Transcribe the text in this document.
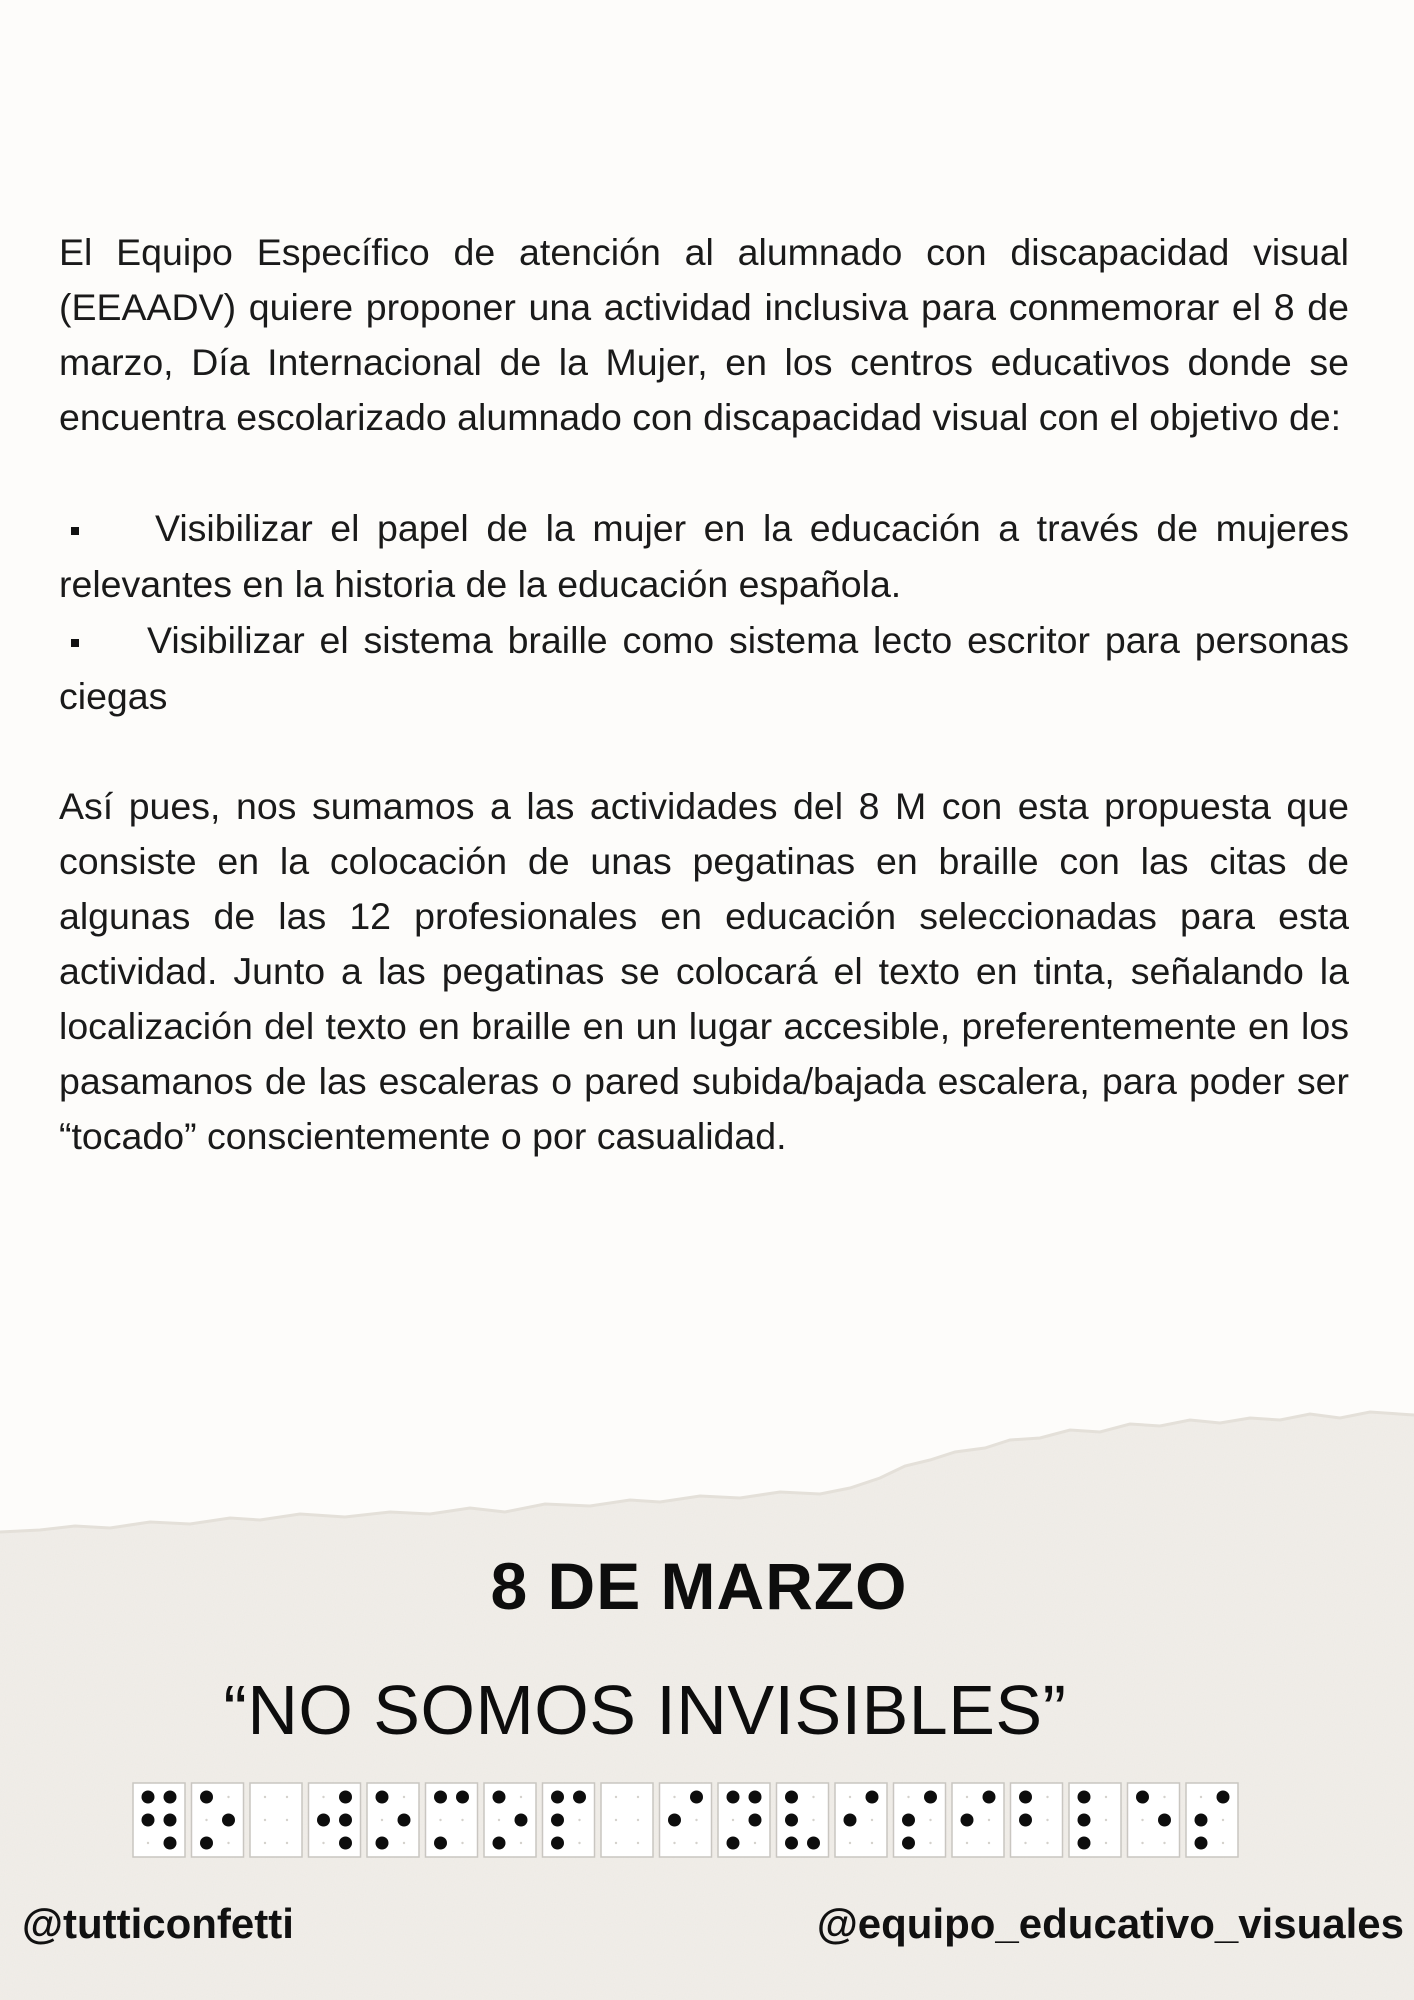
El Equipo Específico de atención al alumnado con discapacidad visual (EEAADV) quiere proponer una actividad inclusiva para conmemorar el 8 de marzo, Día Internacional de la Mujer, en los centros educativos donde se encuentra escolarizado alumnado con discapacidad visual con el objetivo de:

Visibilizar el papel de la mujer en la educación a través de mujeres relevantes en la historia de la educación española.

Visibilizar el sistema braille como sistema lecto escritor para personas ciegas

Así pues, nos sumamos a las actividades del 8 M con esta propuesta que consiste en la colocación de unas pegatinas en braille con las citas de algunas de las 12 profesionales en educación seleccionadas para esta actividad. Junto a las pegatinas se colocará el texto en tinta, señalando la localización del texto en braille en un lugar accesible, preferentemente en los pasamanos de las escaleras o pared subida/bajada escalera, para poder ser “tocado” conscientemente o por casualidad.

8 DE MARZO
“NO SOMOS INVISIBLES”
@tutticonfetti	@equipo_educativo_visuales
